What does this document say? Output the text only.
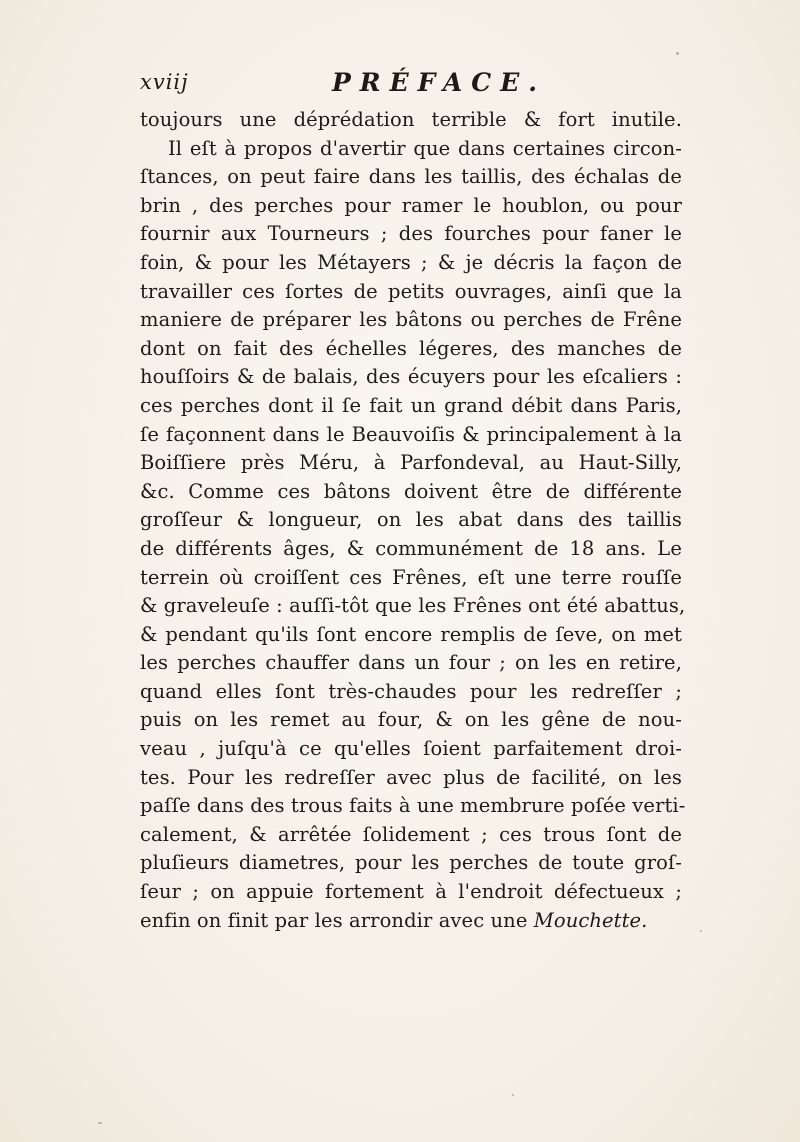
xviij	PRÉFACE.
toujours une déprédation terrible & fort inutile.
Il eſt à propos d'avertir que dans certaines circon-
ſtances, on peut faire dans les taillis, des échalas de
brin , des perches pour ramer le houblon, ou pour
fournir aux Tourneurs ; des fourches pour faner le
foin, & pour les Métayers ; & je décris la façon de
travailler ces ſortes de petits ouvrages, ainſi que la
maniere de préparer les bâtons ou perches de Frêne
dont on fait des échelles légeres, des manches de
houſſoirs & de balais, des écuyers pour les eſcaliers :
ces perches dont il ſe fait un grand débit dans Paris,
ſe façonnent dans le Beauvoiſis & principalement à la
Boiſſiere près Méru, à Parfondeval, au Haut-Silly,
&c. Comme ces bâtons doivent être de différente
groſſeur & longueur, on les abat dans des taillis
de différents âges, & communément de 18 ans. Le
terrein où croiſſent ces Frênes, eſt une terre rouſſe
& graveleuſe : auſſi-tôt que les Frênes ont été abattus,
& pendant qu'ils ſont encore remplis de ſeve, on met
les perches chauffer dans un four ; on les en retire,
quand elles ſont très-chaudes pour les redreſſer ;
puis on les remet au four, & on les gêne de nou-
veau , juſqu'à ce qu'elles ſoient parfaitement droi-
tes. Pour les redreſſer avec plus de facilité, on les
paſſe dans des trous faits à une membrure poſée verti-
calement, & arrêtée ſolidement ; ces trous ſont de
pluſieurs diametres, pour les perches de toute groſ-
ſeur ; on appuie fortement à l'endroit défectueux ;
enfin on finit par les arrondir avec une Mouchette.
